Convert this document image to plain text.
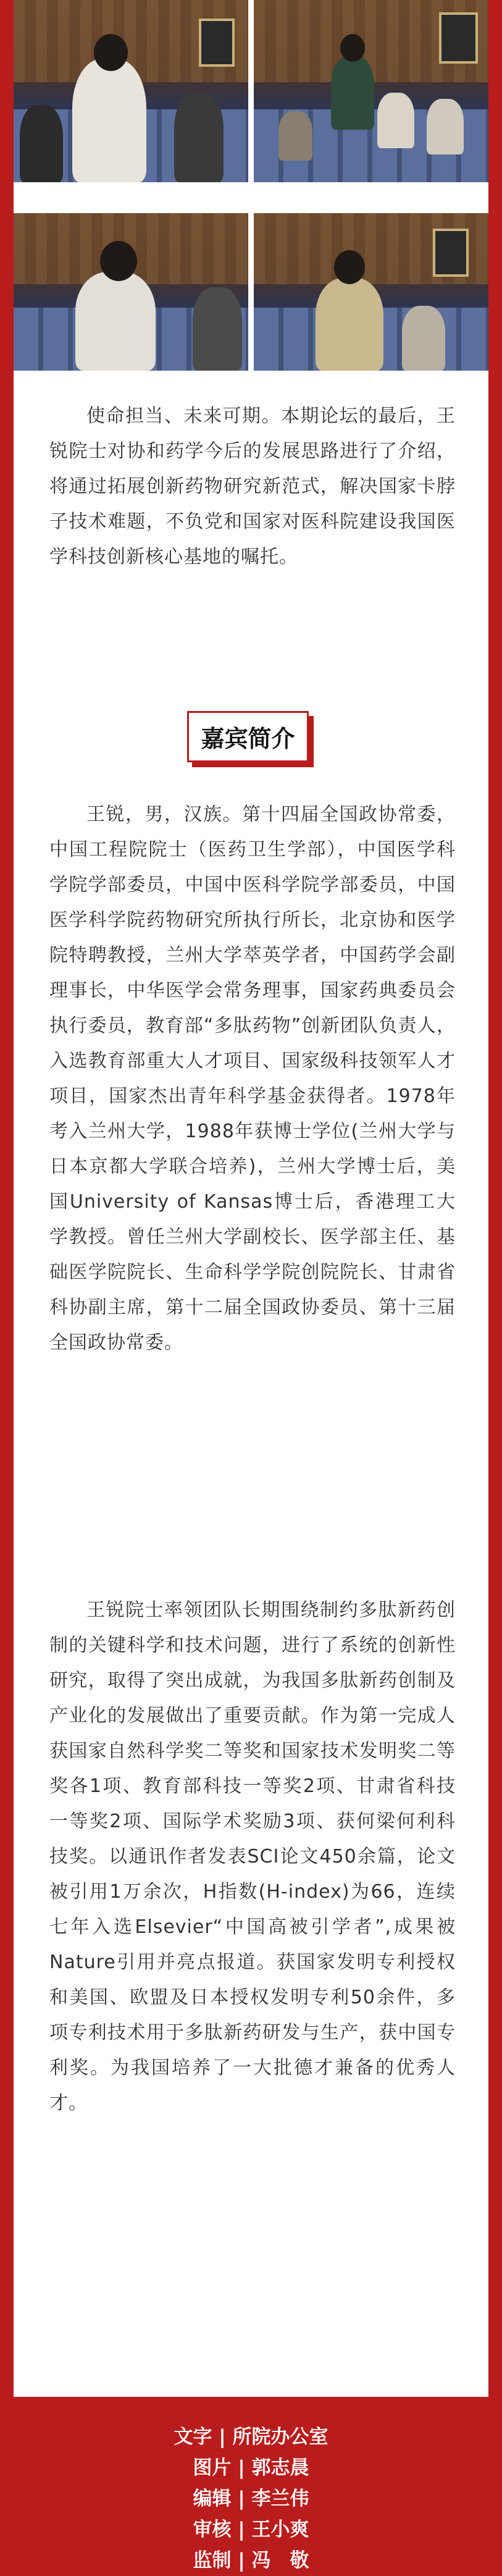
使命担当、未来可期。本期论坛的最后，王锐院士对协和药学今后的发展思路进行了介绍，将通过拓展创新药物研究新范式，解决国家卡脖子技术难题，不负党和国家对医科院建设我国医学科技创新核心基地的嘱托。

嘉宾简介

王锐，男，汉族。第十四届全国政协常委，中国工程院院士（医药卫生学部），中国医学科学院学部委员，中国中医科学院学部委员，中国医学科学院药物研究所执行所长，北京协和医学院特聘教授，兰州大学萃英学者，中国药学会副理事长，中华医学会常务理事，国家药典委员会执行委员，教育部“多肽药物”创新团队负责人，入选教育部重大人才项目、国家级科技领军人才项目，国家杰出青年科学基金获得者。1978年考入兰州大学，1988年获博士学位(兰州大学与日本京都大学联合培养)，兰州大学博士后，美国University of Kansas博士后，香港理工大学教授。曾任兰州大学副校长、医学部主任、基础医学院院长、生命科学学院创院院长、甘肃省科协副主席，第十二届全国政协委员、第十三届全国政协常委。

王锐院士率领团队长期围绕制约多肽新药创制的关键科学和技术问题，进行了系统的创新性研究，取得了突出成就，为我国多肽新药创制及产业化的发展做出了重要贡献。作为第一完成人获国家自然科学奖二等奖和国家技术发明奖二等奖各1项、教育部科技一等奖2项、甘肃省科技一等奖2项、国际学术奖励3项、获何梁何利科技奖。以通讯作者发表SCI论文450余篇，论文被引用1万余次，H指数(H-index)为66，连续七年入选Elsevier“中国高被引学者”,成果被Nature引用并亮点报道。获国家发明专利授权和美国、欧盟及日本授权发明专利50余件，多项专利技术用于多肽新药研发与生产，获中国专利奖。为我国培养了一大批德才兼备的优秀人才。

文字 | 所院办公室
图片 | 郭志晨
编辑 | 李兰伟
审核 | 王小爽
监制 | 冯　敬
